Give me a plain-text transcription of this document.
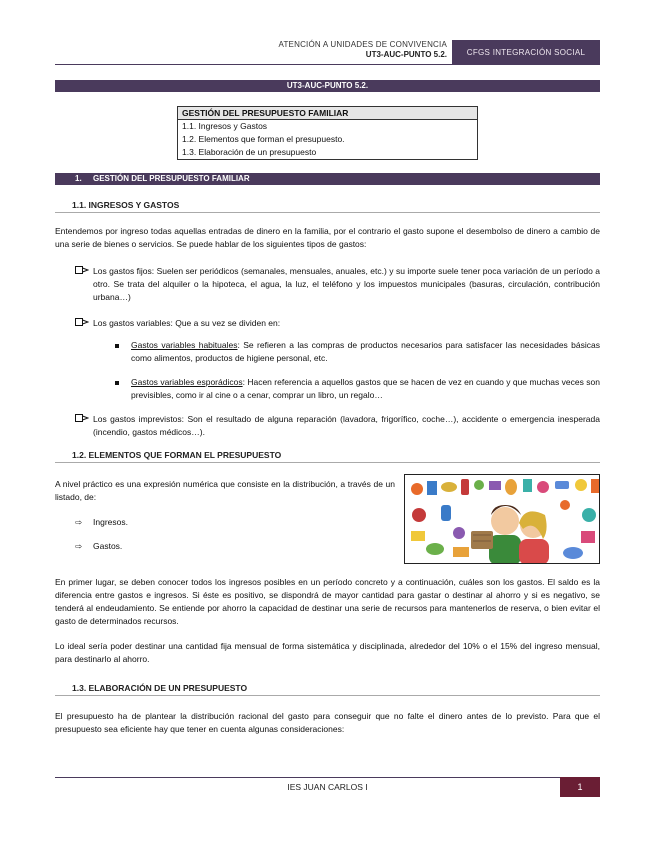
ATENCIÓN A UNIDADES DE CONVIVENCIA
UT3-AUC-PUNTO 5.2.	CFGS INTEGRACIÓN SOCIAL
UT3-AUC-PUNTO 5.2.
GESTIÓN DEL PRESUPUESTO FAMILIAR
1.1. Ingresos y Gastos
1.2. Elementos que forman el presupuesto.
1.3. Elaboración de un presupuesto
1. GESTIÓN DEL PRESUPUESTO FAMILIAR
1.1. INGRESOS Y GASTOS
Entendemos por ingreso todas aquellas entradas de dinero en la familia, por el contrario el gasto supone el desembolso de dinero a cambio de una serie de bienes o servicios. Se puede hablar de los siguientes tipos de gastos:
Los gastos fijos: Suelen ser periódicos (semanales, mensuales, anuales, etc.) y su importe suele tener poca variación de un período a otro. Se trata del alquiler o la hipoteca, el agua, la luz, el teléfono y los impuestos municipales (basuras, circulación, contribución urbana…)
Los gastos variables: Que a su vez se dividen en:
Gastos variables habituales: Se refieren a las compras de productos necesarios para satisfacer las necesidades básicas como alimentos, productos de higiene personal, etc.
Gastos variables esporádicos: Hacen referencia a aquellos gastos que se hacen de vez en cuando y que muchas veces son previsibles, como ir al cine o a cenar, comprar un libro, un regalo…
Los gastos imprevistos: Son el resultado de alguna reparación (lavadora, frigorífico, coche…), accidente o emergencia inesperada (incendio, gastos médicos…).
1.2. ELEMENTOS QUE FORMAN EL PRESUPUESTO
A nivel práctico es una expresión numérica que consiste en la distribución, a través de un listado, de:
⇨ Ingresos.
⇨ Gastos.
En primer lugar, se deben conocer todos los ingresos posibles en un período concreto y a continuación, cuáles son los gastos. El saldo es la diferencia entre gastos e ingresos. Si éste es positivo, se dispondrá de mayor cantidad para gastar o destinar al ahorro y si es negativo, se tenderá al endeudamiento. Se entiende por ahorro la capacidad de destinar una serie de recursos para mantenerlos de reserva, o bien evitar el gasto de determinados recursos.
Lo ideal sería poder destinar una cantidad fija mensual de forma sistemática y disciplinada, alrededor del 10% o el 15% del ingreso mensual, para destinarlo al ahorro.
1.3. ELABORACIÓN DE UN PRESUPUESTO
El presupuesto ha de plantear la distribución racional del gasto para conseguir que no falte el dinero antes de lo previsto. Para que el presupuesto sea eficiente hay que tener en cuenta algunas consideraciones:
IES JUAN CARLOS I	1
